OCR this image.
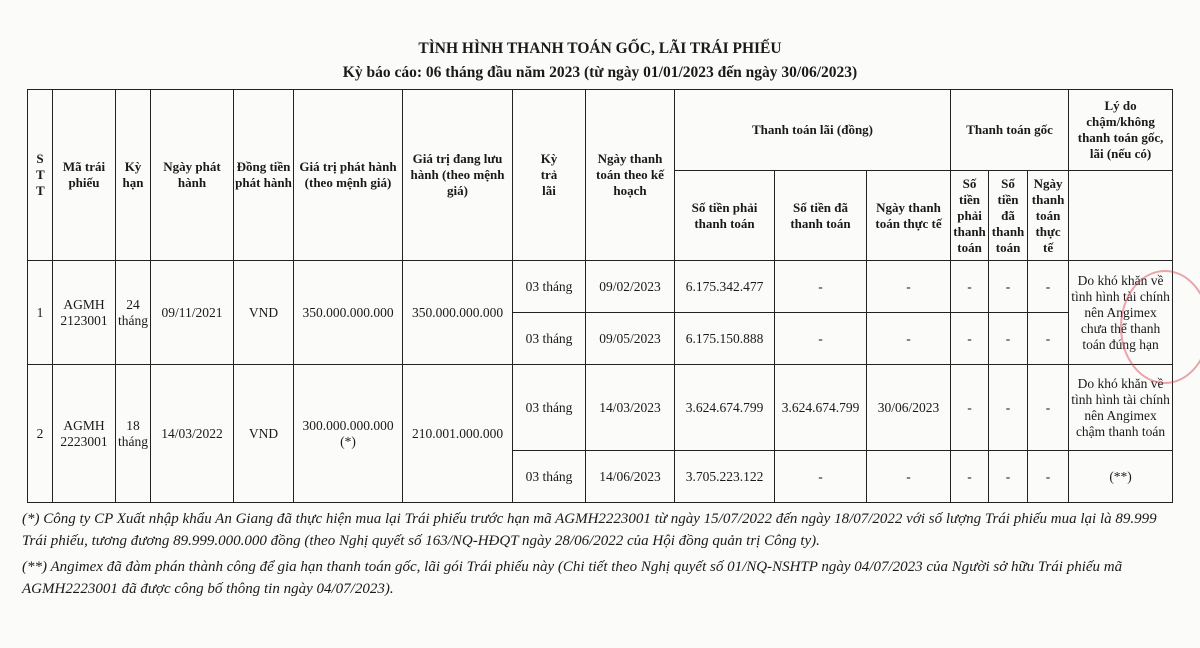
TÌNH HÌNH THANH TOÁN GỐC, LÃI TRÁI PHIẾU
Kỳ báo cáo: 06 tháng đầu năm 2023 (từ ngày 01/01/2023 đến ngày 30/06/2023)
STT	Mã trái phiếu	Kỳ hạn	Ngày phát hành	Đồng tiền phát hành	Giá trị phát hành (theo mệnh giá)	Giá trị đang lưu hành (theo mệnh giá)	Kỳ trả lãi	Ngày thanh toán theo kế hoạch	Thanh toán lãi (đồng)			Thanh toán gốc			Lý do chậm/không thanh toán gốc, lãi (nếu có)
									Số tiền phải thanh toán	Số tiền đã thanh toán	Ngày thanh toán thực tế	Số tiền phải thanh toán	Số tiền đã thanh toán	Ngày thanh toán thực tế	
1	AGMH 2123001	24 tháng	09/11/2021	VND	350.000.000.000	350.000.000.000	03 tháng	09/02/2023	6.175.342.477	-	-	-	-	-	Do khó khăn về tình hình tài chính nên Angimex chưa thể thanh toán đúng hạn
							03 tháng	09/05/2023	6.175.150.888	-	-	-	-	-	
2	AGMH 2223001	18 tháng	14/03/2022	VND	300.000.000.000 (*)	210.001.000.000	03 tháng	14/03/2023	3.624.674.799	3.624.674.799	30/06/2023	-	-	-	Do khó khăn về tình hình tài chính nên Angimex chậm thanh toán
							03 tháng	14/06/2023	3.705.223.122	-	-	-	-	-	(**)

(*) Công ty CP Xuất nhập khẩu An Giang đã thực hiện mua lại Trái phiếu trước hạn mã AGMH2223001 từ ngày 15/07/2022 đến ngày 18/07/2022 với số lượng Trái phiếu mua lại là 89.999 Trái phiếu, tương đương 89.999.000.000 đồng (theo Nghị quyết số 163/NQ-HĐQT ngày 28/06/2022 của Hội đồng quản trị Công ty).

(**) Angimex đã đàm phán thành công để gia hạn thanh toán gốc, lãi gói Trái phiếu này (Chi tiết theo Nghị quyết số 01/NQ-NSHTP ngày 04/07/2023 của Người sở hữu Trái phiếu mã AGMH2223001 đã được công bố thông tin ngày 04/07/2023).
